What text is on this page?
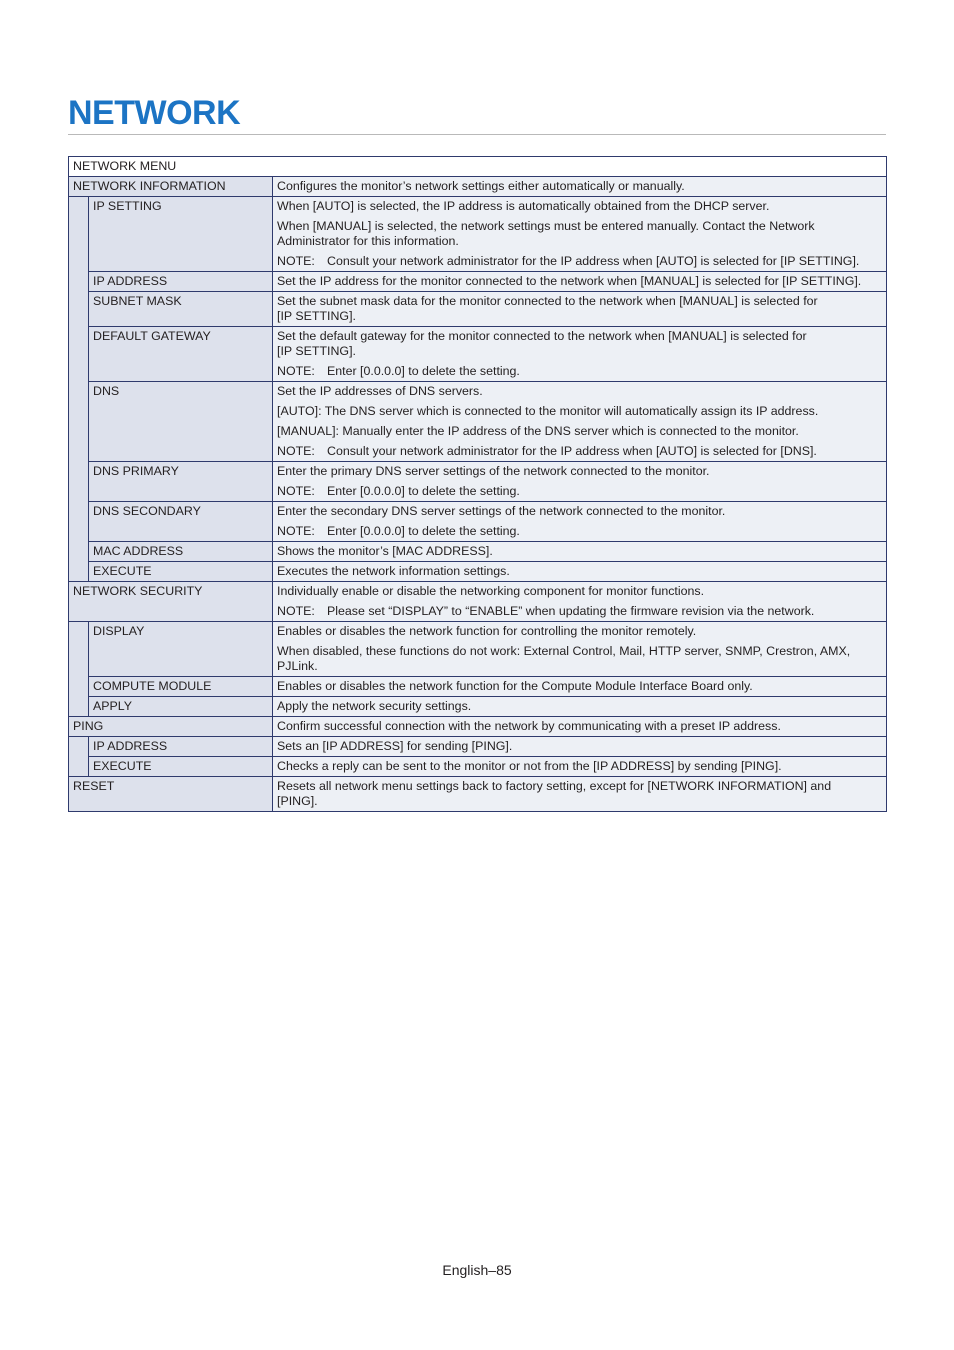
NETWORK
NETWORK MENU		
NETWORK INFORMATION		Configures the monitor’s network settings either automatically or manually.

	IP SETTING	When [AUTO] is selected, the IP address is automatically obtained from the DHCP server.

When [MANUAL] is selected, the network settings must be entered manually. Contact the Network Administrator for this information.

NOTE: Consult your network administrator for the IP address when [AUTO] is selected for [IP SETTING].

	IP ADDRESS	Set the IP address for the monitor connected to the network when [MANUAL] is selected for [IP SETTING].

	SUBNET MASK	Set the subnet mask data for the monitor connected to the network when [MANUAL] is selected for
[IP SETTING].

	DEFAULT GATEWAY	Set the default gateway for the monitor connected to the network when [MANUAL] is selected for
[IP SETTING].

NOTE: Enter [0.0.0.0] to delete the setting.

	DNS	Set the IP addresses of DNS servers.

[AUTO]: The DNS server which is connected to the monitor will automatically assign its IP address.

[MANUAL]: Manually enter the IP address of the DNS server which is connected to the monitor.

NOTE: Consult your network administrator for the IP address when [AUTO] is selected for [DNS].

	DNS PRIMARY	Enter the primary DNS server settings of the network connected to the monitor.

NOTE: Enter [0.0.0.0] to delete the setting.

	DNS SECONDARY	Enter the secondary DNS server settings of the network connected to the monitor.

NOTE: Enter [0.0.0.0] to delete the setting.

	MAC ADDRESS	Shows the monitor’s [MAC ADDRESS].

	EXECUTE	Executes the network information settings.

NETWORK SECURITY		Individually enable or disable the networking component for monitor functions.

NOTE: Please set “DISPLAY” to “ENABLE” when updating the firmware revision via the network.

	DISPLAY	Enables or disables the network function for controlling the monitor remotely.

When disabled, these functions do not work: External Control, Mail, HTTP server, SNMP, Crestron, AMX, PJLink.

	COMPUTE MODULE	Enables or disables the network function for the Compute Module Interface Board only.

	APPLY	Apply the network security settings.

PING		Confirm successful connection with the network by communicating with a preset IP address.

	IP ADDRESS	Sets an [IP ADDRESS] for sending [PING].

	EXECUTE	Checks a reply can be sent to the monitor or not from the [IP ADDRESS] by sending [PING].

RESET		Resets all network menu settings back to factory setting, except for [NETWORK INFORMATION] and
[PING].

English–85
